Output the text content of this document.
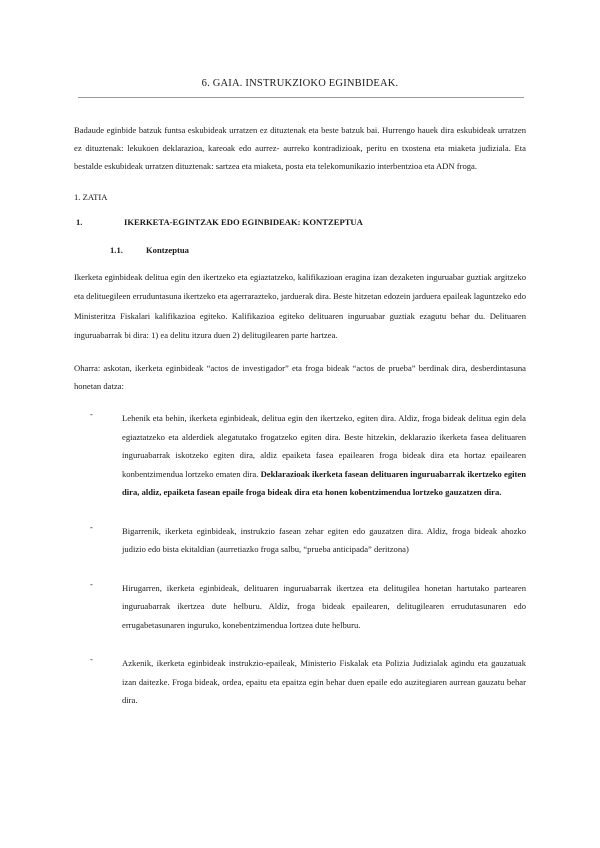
6. GAIA. INSTRUKZIOKO EGINBIDEAK.

Badaude eginbide batzuk funtsa eskubideak urratzen ez dituztenak eta beste batzuk bai. Hurrengo hauek dira eskubideak urratzen ez dituztenak: lekukoen deklarazioa, kareoak edo aurrez- aurreko kontradizioak, peritu en txostena eta miaketa judiziala. Eta bestalde eskubideak urratzen dituztenak: sartzea eta miaketa, posta eta telekomunikazio interbentzioa eta ADN froga.

1. ZATIA

1.	IKERKETA-EGINTZAK EDO EGINBIDEAK: KONTZEPTUA
1.1.	Kontzeptua

Ikerketa eginbideak delitua egin den ikertzeko eta egiaztatzeko, kalifikazioan eragina izan dezaketen inguruabar guztiak argitzeko eta delituegileen erruduntasuna ikertzeko eta agerrarazteko, jarduerak dira. Beste hitzetan edozein jarduera epaileak laguntzeko edo Ministeritza Fiskalari kalifikazioa egiteko. Kalifikazioa egiteko delituaren inguruabar guztiak ezagutu behar du. Delituaren inguruabarrak bi dira: 1) ea delitu itzura duen 2) delitugilearen parte hartzea.

Oharra: askotan, ikerketa eginbideak “actos de investigador” eta froga bideak “actos de prueba” berdinak dira, desberdintasuna honetan datza:

-	Lehenik eta behin, ikerketa eginbideak, delitua egin den ikertzeko, egiten dira. Aldiz, froga bideak delitua egin dela egiaztatzeko eta alderdiek alegatutako frogatzeko egiten dira. Beste hitzekin, deklarazio ikerketa fasea delituaren inguruabarrak iskotzeko egiten dira, aldiz epaiketa fasea epailearen froga bideak dira eta hortaz epailearen konbentzimendua lortzeko ematen dira. Deklarazioak ikerketa fasean delituaren inguruabarrak ikertzeko egiten dira, aldiz, epaiketa fasean epaile froga bideak dira eta honen kobentzimendua lortzeko gauzatzen dira.

-	Bigarrenik, ikerketa eginbideak, instrukzio fasean zehar egiten edo gauzatzen dira. Aldiz, froga bideak ahozko judizio edo bista ekitaldian (aurretiazko froga salbu, “prueba anticipada” deritzona)

-	Hirugarren, ikerketa eginbideak, delituaren inguruabarrak ikertzea eta delitugilea honetan hartutako partearen inguruabarrak ikertzea dute helburu. Aldiz, froga bideak epailearen, delitugilearen errudutasunaren edo errugabetasunaren inguruko, konebentzimendua lortzea dute helburu.

-	Azkenik, ikerketa eginbideak instrukzio-epaileak, Ministerio Fiskalak eta Polizia Judizialak agindu eta gauzatuak izan daitezke. Froga bideak, ordea, epaitu eta epaitza egin behar duen epaile edo auzitegiaren aurrean gauzatu behar dira.
